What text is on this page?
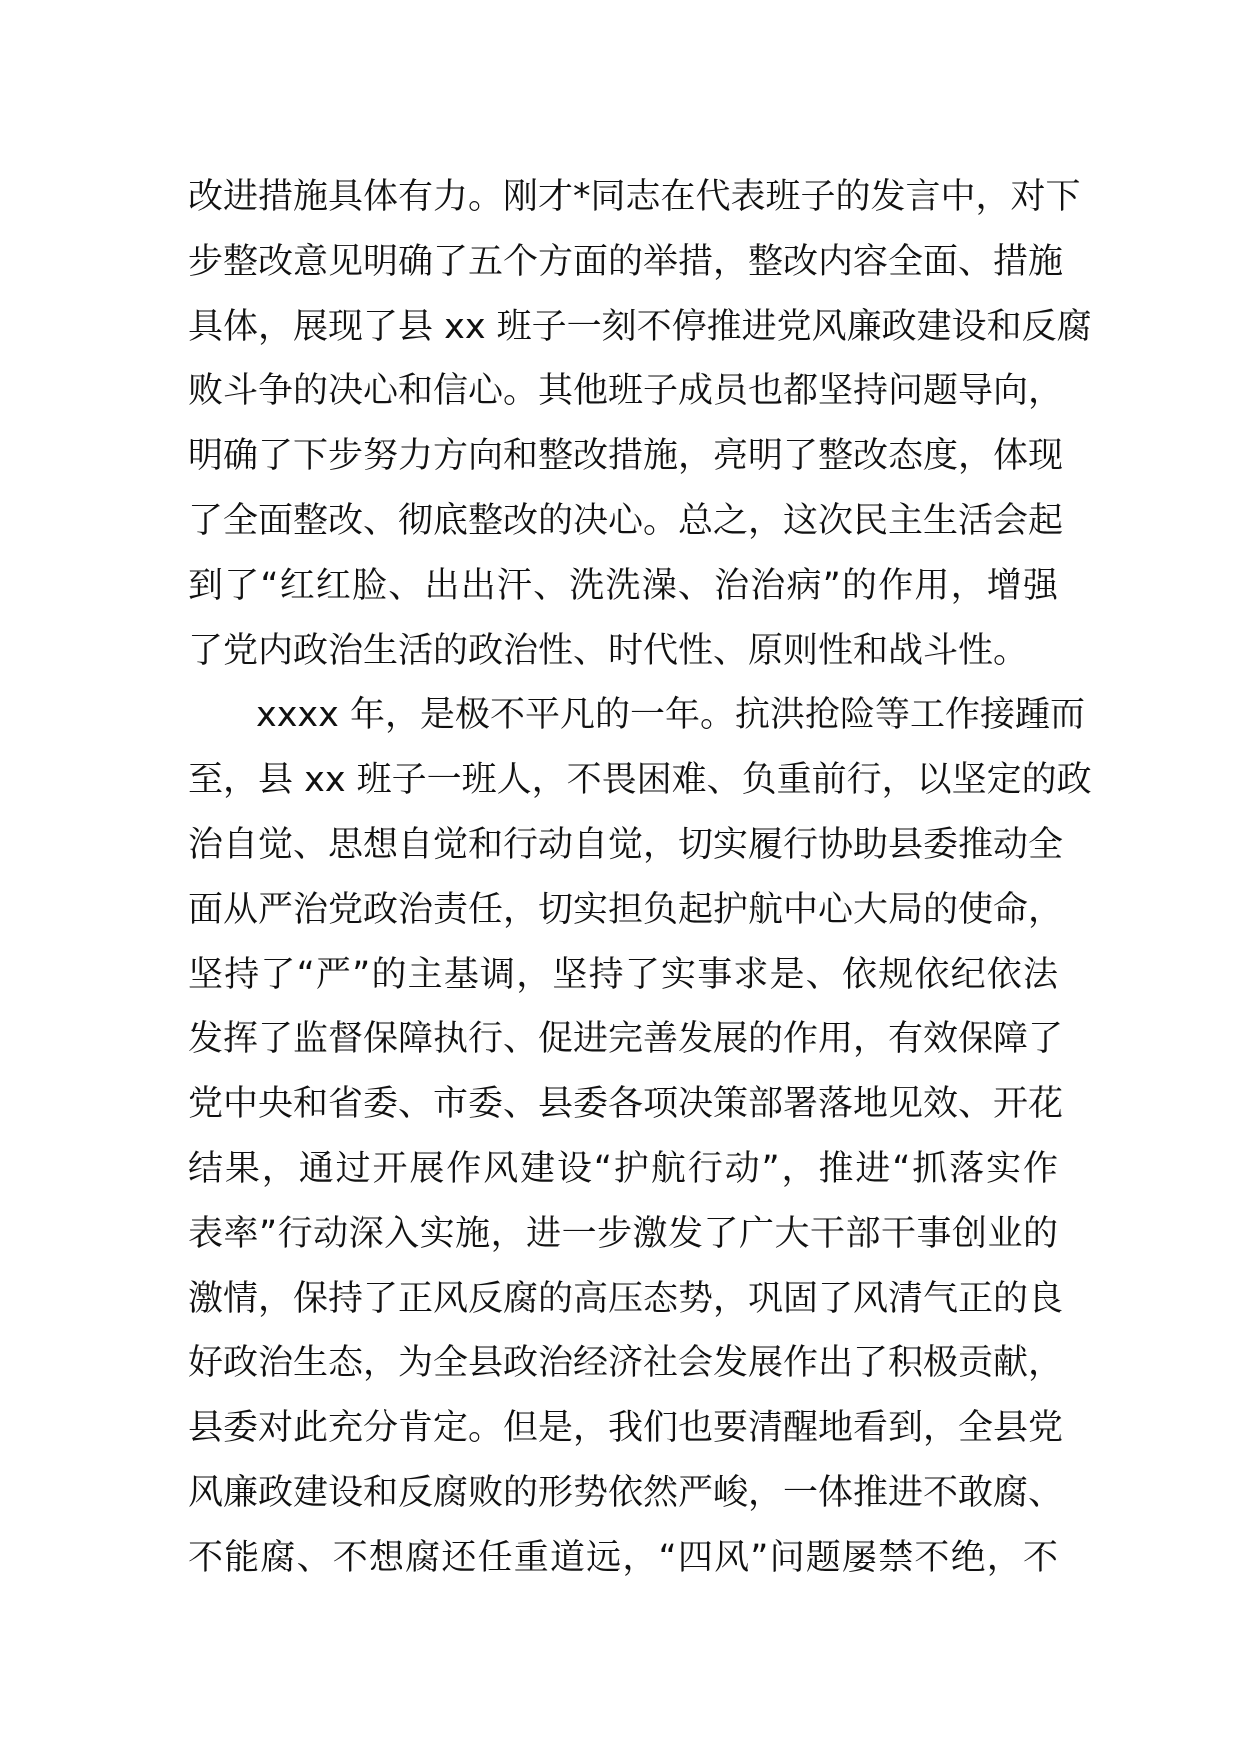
改进措施具体有力。刚才*同志在代表班子的发言中，对下
步整改意见明确了五个方面的举措，整改内容全面、措施
具体，展现了县 xx 班子一刻不停推进党风廉政建设和反腐
败斗争的决心和信心。其他班子成员也都坚持问题导向，
明确了下步努力方向和整改措施，亮明了整改态度，体现
了全面整改、彻底整改的决心。总之，这次民主生活会起
到了“红红脸、出出汗、洗洗澡、治治病”的作用，增强
了党内政治生活的政治性、时代性、原则性和战斗性。
xxxx 年，是极不平凡的一年。抗洪抢险等工作接踵而
至，县 xx 班子一班人，不畏困难、负重前行，以坚定的政
治自觉、思想自觉和行动自觉，切实履行协助县委推动全
面从严治党政治责任，切实担负起护航中心大局的使命，
坚持了“严”的主基调，坚持了实事求是、依规依纪依法
发挥了监督保障执行、促进完善发展的作用，有效保障了
党中央和省委、市委、县委各项决策部署落地见效、开花
结果，通过开展作风建设“护航行动”，推进“抓落实作
表率”行动深入实施，进一步激发了广大干部干事创业的
激情，保持了正风反腐的高压态势，巩固了风清气正的良
好政治生态，为全县政治经济社会发展作出了积极贡献，
县委对此充分肯定。但是，我们也要清醒地看到，全县党
风廉政建设和反腐败的形势依然严峻，一体推进不敢腐、
不能腐、不想腐还任重道远，“四风”问题屡禁不绝，不
